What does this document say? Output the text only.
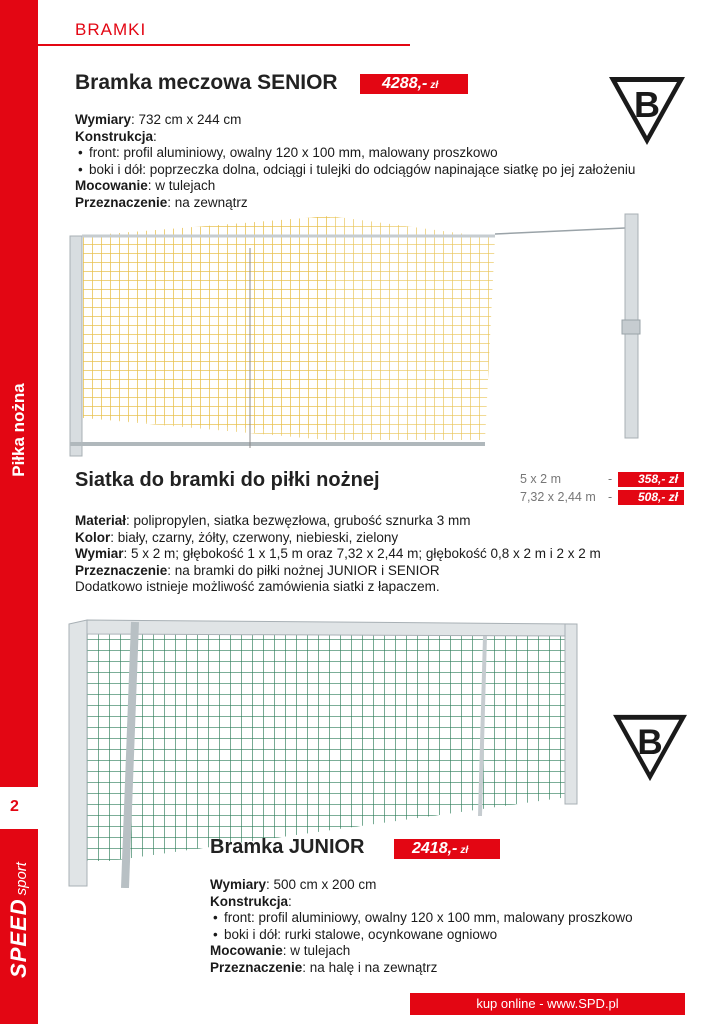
Piłka nożna
2
SPEEDsport
BRAMKI
Bramka meczowa SENIOR	4288,- zł	B
Wymiary: 732 cm x 244 cm
Konstrukcja:
• front: profil aluminiowy, owalny 120 x 100 mm, malowany proszkowo
• boki i dół: poprzeczka dolna, odciągi i tulejki do odciągów napinające siatkę po jej założeniu
Mocowanie: w tulejach
Przeznaczenie: na zewnątrz
Siatka do bramki do piłki nożnej	5 x 2 m	-	358,- zł
7,32 x 2,44 m -	508,- zł
Materiał: polipropylen, siatka bezwęzłowa, grubość sznurka 3 mm
Kolor: biały, czarny, żółty, czerwony, niebieski, zielony
Wymiar: 5 x 2 m; głębokość 1 x 1,5 m oraz 7,32 x 2,44 m; głębokość 0,8 x 2 m i 2 x 2 m
Przeznaczenie: na bramki do piłki nożnej JUNIOR i SENIOR
Dodatkowo istnieje możliwość zamówienia siatki z łapaczem.
B
Bramka JUNIOR	2418,- zł
Wymiary: 500 cm x 200 cm
Konstrukcja:
• front: profil aluminiowy, owalny 120 x 100 mm, malowany proszkowo
• boki i dół: rurki stalowe, ocynkowane ogniowo
Mocowanie: w tulejach
Przeznaczenie: na halę i na zewnątrz
kup online - www.SPD.pl
